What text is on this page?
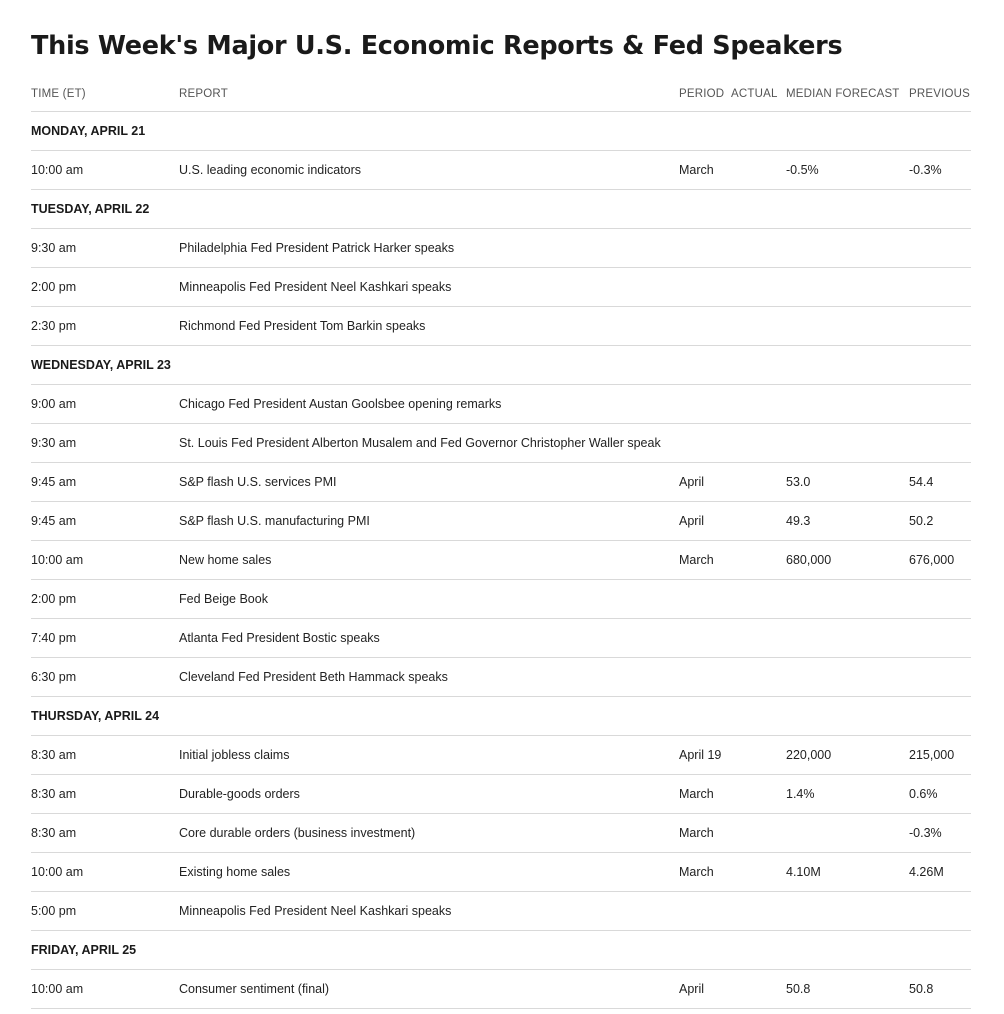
This Week's Major U.S. Economic Reports & Fed Speakers
TIME (ET)	REPORT	PERIOD	ACTUAL	MEDIAN FORECAST	PREVIOUS
MONDAY, APRIL 21					
10:00 am	U.S. leading economic indicators	March		-0.5%	-0.3%
TUESDAY, APRIL 22					
9:30 am	Philadelphia Fed President Patrick Harker speaks				
2:00 pm	Minneapolis Fed President Neel Kashkari speaks				
2:30 pm	Richmond Fed President Tom Barkin speaks				
WEDNESDAY, APRIL 23					
9:00 am	Chicago Fed President Austan Goolsbee opening remarks				
9:30 am	St. Louis Fed President Alberton Musalem and Fed Governor Christopher Waller speak				
9:45 am	S&P flash U.S. services PMI	April		53.0	54.4
9:45 am	S&P flash U.S. manufacturing PMI	April		49.3	50.2
10:00 am	New home sales	March		680,000	676,000
2:00 pm	Fed Beige Book				
7:40 pm	Atlanta Fed President Bostic speaks				
6:30 pm	Cleveland Fed President Beth Hammack speaks				
THURSDAY, APRIL 24					
8:30 am	Initial jobless claims	April 19		220,000	215,000
8:30 am	Durable-goods orders	March		1.4%	0.6%
8:30 am	Core durable orders (business investment)	March			-0.3%
10:00 am	Existing home sales	March		4.10M	4.26M
5:00 pm	Minneapolis Fed President Neel Kashkari speaks				
FRIDAY, APRIL 25					
10:00 am	Consumer sentiment (final)	April		50.8	50.8
